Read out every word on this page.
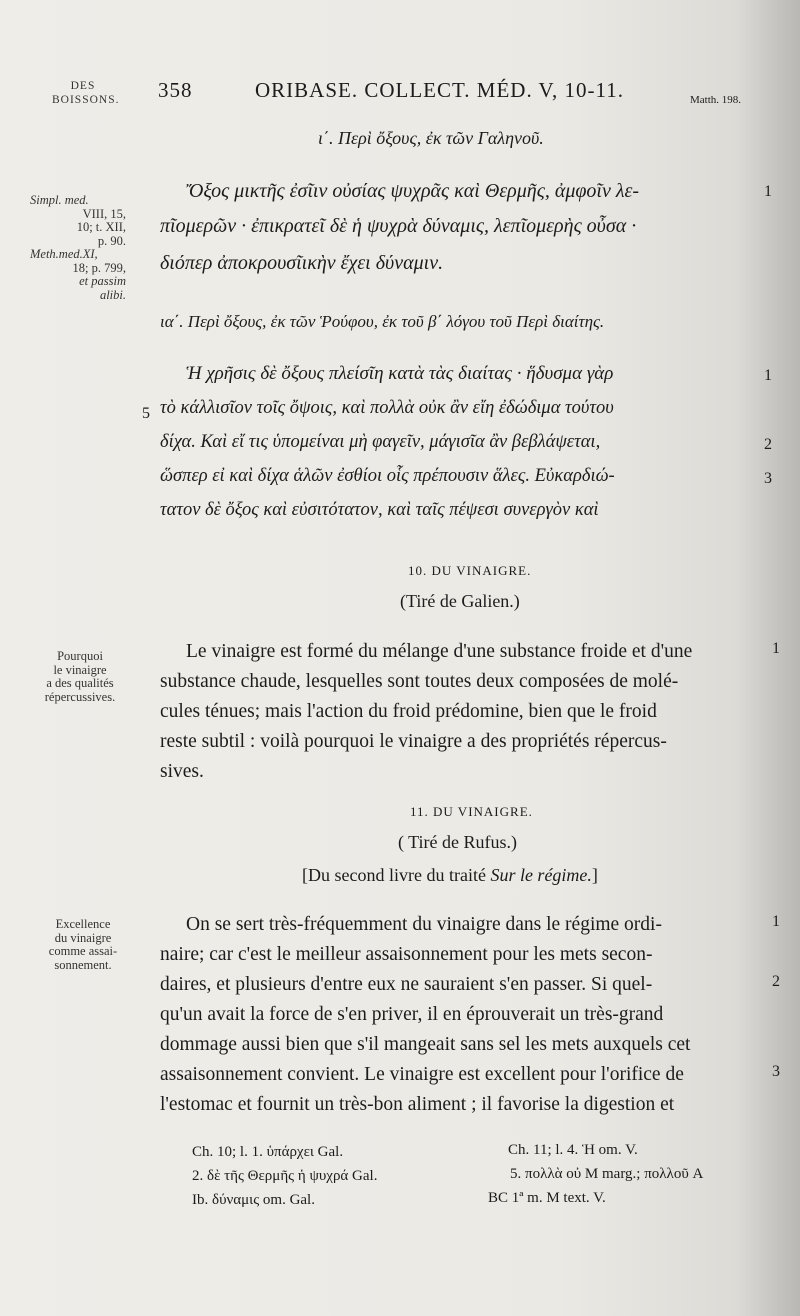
DES
BOISSONS.
Simpl. med.
VIII, 15,
10; t. XII,
p. 90.
Meth.med.XI,
18; p. 799,
et passim
alibi.
Pourquoi
le vinaigre
a des qualités
répercussives.
Excellence
du vinaigre
comme assai-
sonnement.
358	ORIBASE. COLLECT. MÉD. V, 10-11.	Matth. 198.
ι΄. Περὶ ὄξους, ἐκ τῶν Γαληνοῦ.
Ὄξος μικτῆς ἐσῖιν οὐσίας ψυχρᾶς καὶ Θερμῆς, ἀμφοῖν λε-
πῖομερῶν · ἐπικρατεῖ δὲ ἡ ψυχρὰ δύναμις, λεπῖομερὴς οὖσα ·
διόπερ ἀποκρουσῖικὴν ἔχει δύναμιν.
1
ια΄. Περὶ ὄξους, ἐκ τῶν Ῥούφου, ἐκ τοῦ β΄ λόγου τοῦ Περὶ διαίτης.
Ἡ χρῆσις δὲ ὄξους πλείσῖη κατὰ τὰς διαίτας · ἥδυσμα γὰρ
τὸ κάλλισῖον τοῖς ὄψοις, καὶ πολλὰ οὐκ ἂν εἴη ἐδώδιμα τούτου
δίχα. Καὶ εἴ τις ὑπομείναι μὴ φαγεῖν, μάγισῖα ἂν βεβλάψεται,
ὥσπερ εἰ καὶ δίχα ἁλῶν ἐσθίοι οἷς πρέπουσιν ἅλες. Εὐκαρδιώ-
τατον δὲ ὄξος καὶ εὐσιτότατον, καὶ ταῖς πέψεσι συνεργὸν καὶ
5
1
2
3
10. DU VINAIGRE.
(Tiré de Galien.)
Le vinaigre est formé du mélange d'une substance froide et d'une
substance chaude, lesquelles sont toutes deux composées de molé-
cules ténues; mais l'action du froid prédomine, bien que le froid
reste subtil : voilà pourquoi le vinaigre a des propriétés répercus-
sives.
1
11. DU VINAIGRE.
( Tiré de Rufus.)
[Du second livre du traité Sur le régime.]
On se sert très-fréquemment du vinaigre dans le régime ordi-
naire; car c'est le meilleur assaisonnement pour les mets secon-
daires, et plusieurs d'entre eux ne sauraient s'en passer. Si quel-
qu'un avait la force de s'en priver, il en éprouverait un très-grand
dommage aussi bien que s'il mangeait sans sel les mets auxquels cet
assaisonnement convient. Le vinaigre est excellent pour l'orifice de
l'estomac et fournit un très-bon aliment ; il favorise la digestion et
1
2
3
Ch. 10; l. 1. ὑπάρχει Gal.
2. δὲ τῆς Θερμῆς ἡ ψυχρά Gal.
Ib. δύναμις om. Gal.
Ch. 11; l. 4. Ἡ om. V.
5. πολλὰ οὐ M marg.; πολλοῦ A
BC 1ª m. M text. V.
